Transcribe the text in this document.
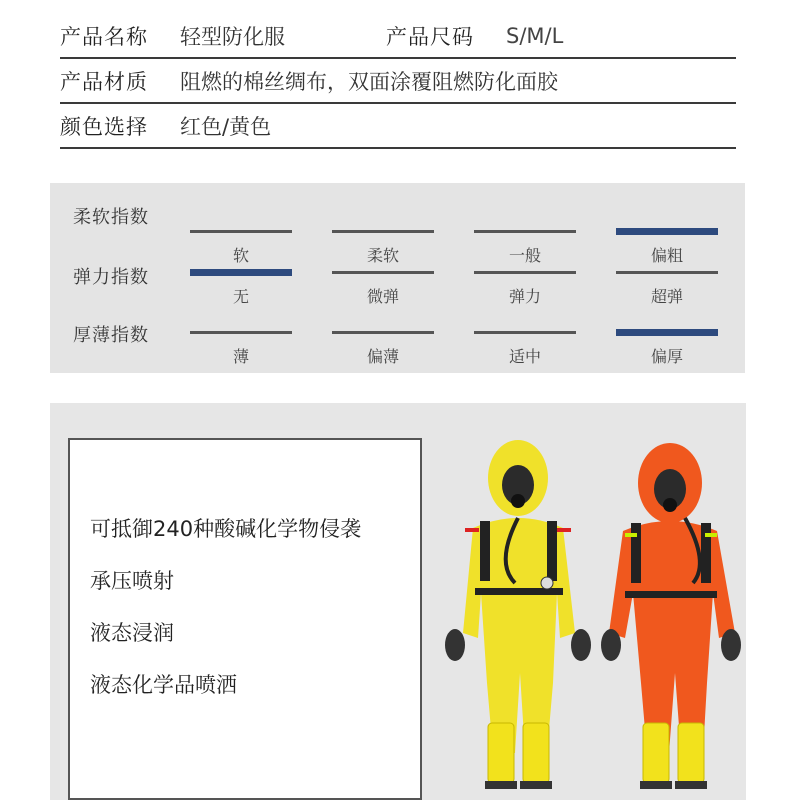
产品名称	轻型防化服	产品尺码	S/M/L
产品材质	阻燃的棉丝绸布，双面涂覆阻燃防化面胶
颜色选择	红色/黄色
柔软指数
软	柔软	一般	偏粗
弹力指数
无	微弹	弹力	超弹
厚薄指数
薄	偏薄	适中	偏厚
可抵御240种酸碱化学物侵袭
承压喷射
液态浸润
液态化学品喷洒
